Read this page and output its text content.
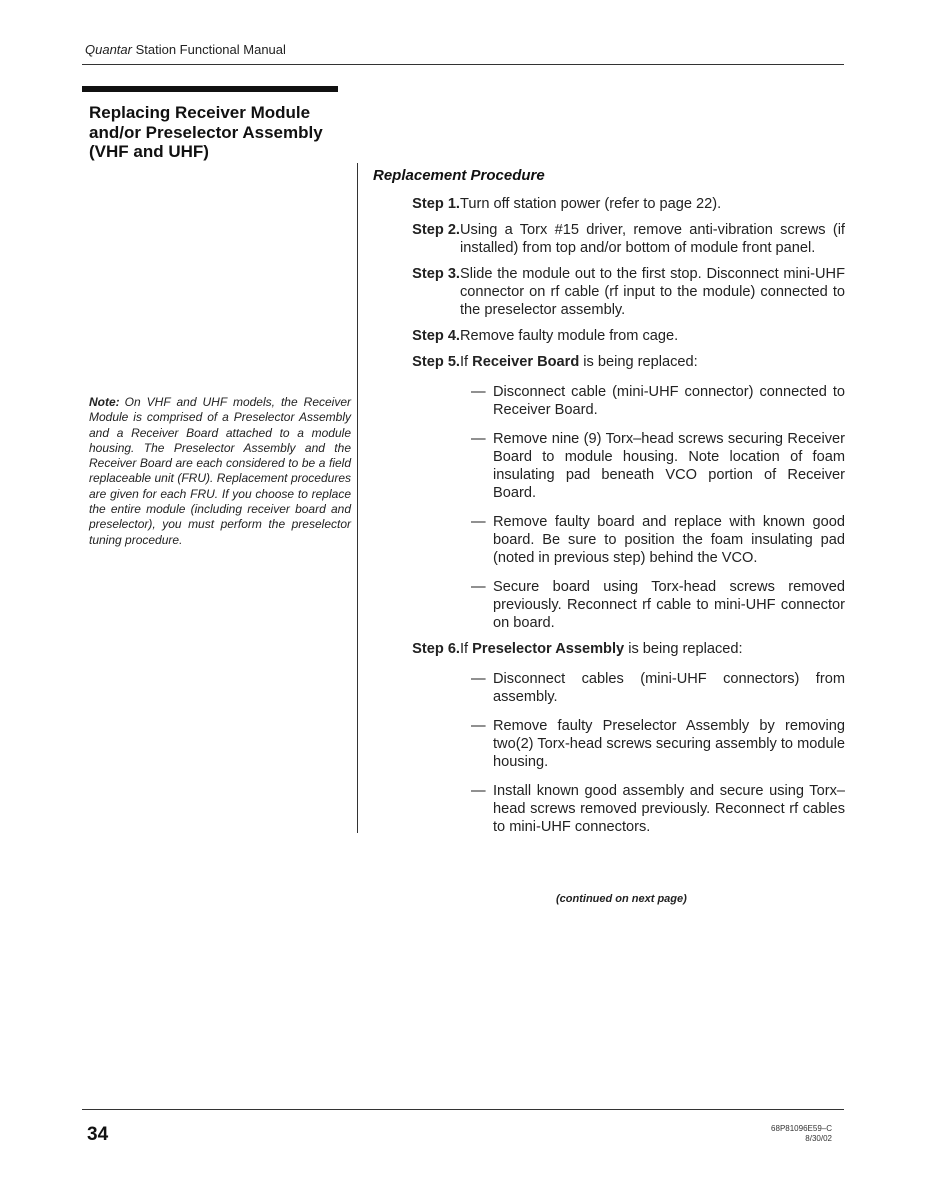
Quantar Station Functional Manual
Replacing Receiver Module
and/or Preselector Assembly
(VHF and UHF)
Note: On VHF and UHF models, the Receiver Module is comprised of a Preselector Assembly and a Receiver Board attached to a module housing. The Preselector Assembly and the Receiver Board are each considered to be a field replaceable unit (FRU). Replacement procedures are given for each FRU. If you choose to replace the entire module (including receiver board and preselector), you must perform the preselector tuning procedure.
Replacement Procedure
Step 1. Turn off station power (refer to page 22).
Step 2. Using a Torx #15 driver, remove anti-vibration screws (if installed) from top and/or bottom of module front panel.
Step 3. Slide the module out to the first stop. Disconnect mini-UHF connector on rf cable (rf input to the module) connected to the preselector assembly.
Step 4. Remove faulty module from cage.
Step 5. If Receiver Board is being replaced:
— Disconnect cable (mini-UHF connector) connected to Receiver Board.
— Remove nine (9) Torx–head screws securing Receiver Board to module housing. Note location of foam insulating pad beneath VCO portion of Receiver Board.
— Remove faulty board and replace with known good board. Be sure to position the foam insulating pad (noted in previous step) behind the VCO.
— Secure board using Torx-head screws removed previously. Reconnect rf cable to mini-UHF connector on board.
Step 6. If Preselector Assembly is being replaced:
— Disconnect cables (mini-UHF connectors) from assembly.
— Remove faulty Preselector Assembly by removing two(2) Torx-head screws securing assembly to module housing.
— Install known good assembly and secure using Torx–head screws removed previously. Reconnect rf cables to mini-UHF connectors.
(continued on next page)
34	68P81096E59–C
8/30/02
